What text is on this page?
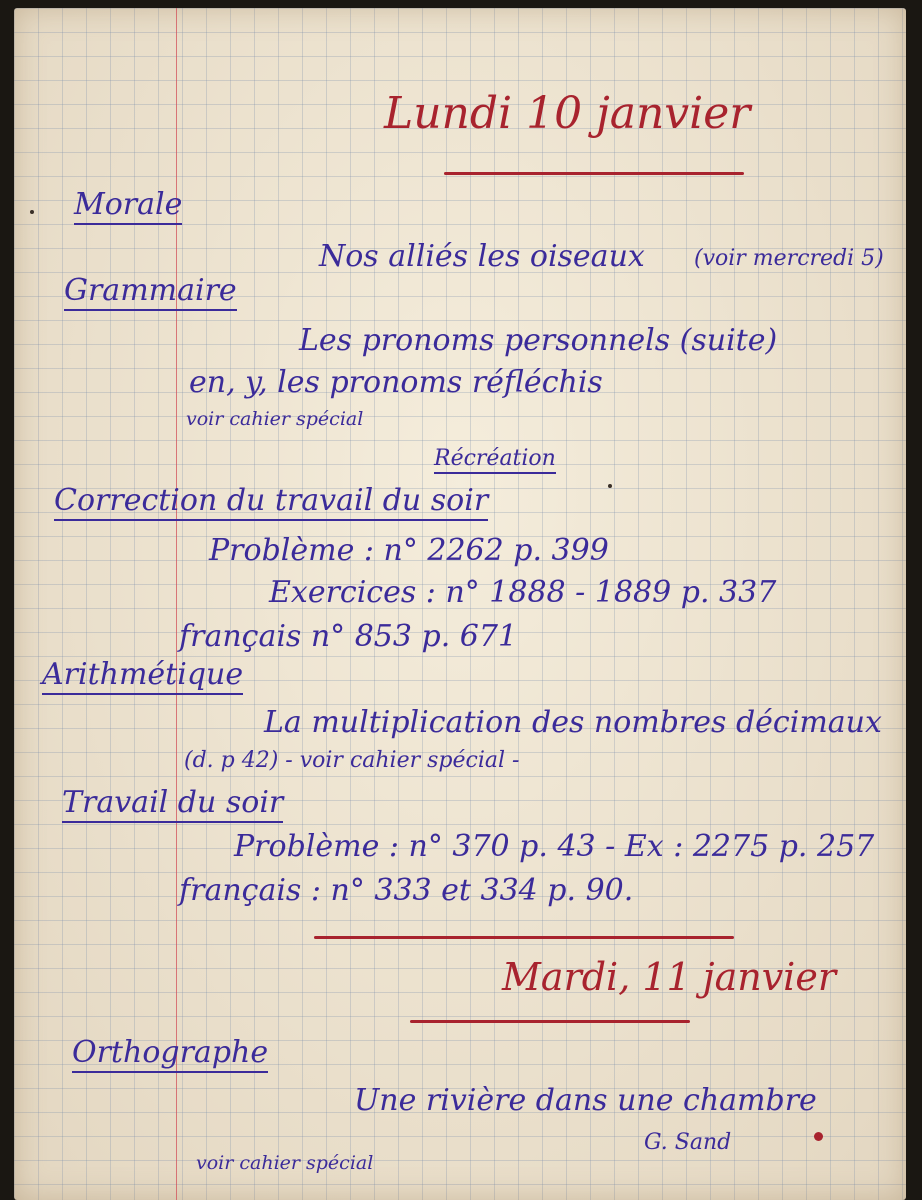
Lundi 10 janvier
Morale
Nos alliés les oiseaux (voir mercredi 5)
Grammaire
Les pronoms personnels (suite)
en, y, les pronoms réfléchis
voir cahier spécial
Récréation
Correction du travail du soir
Problème : n° 2262 p. 399
Exercices : n° 1888 - 1889 p. 337
français n° 853 p. 671
Arithmétique
La multiplication des nombres décimaux
(d. p 42) - voir cahier spécial -
Travail du soir
Problème : n° 370 p. 43 - Ex : 2275 p. 257
français : n° 333 et 334 p. 90.
Mardi, 11 janvier
Orthographe
Une rivière dans une chambre
G. Sand
voir cahier spécial
